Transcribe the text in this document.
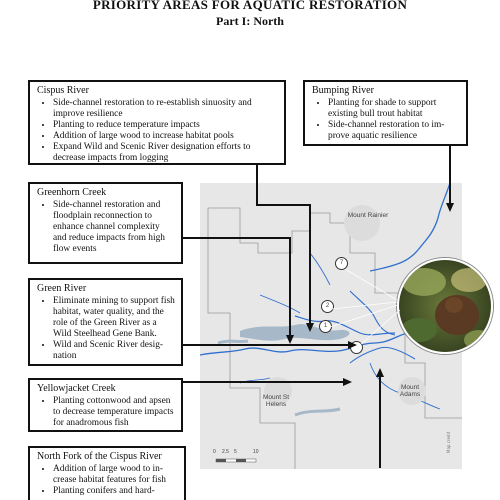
PRIORITY AREAS FOR AQUATIC RESTORATION
Part I: North
Map credit
Mount Rainier
Mount St
Helens
Mount
Adams
0 2.5 5	10
7
2
1
Cispus River
• Side-channel restoration to re-establish sinuosity and improve resilience
• Planting to reduce temperature impacts
• Addition of large wood to increase habitat pools
• Expand Wild and Scenic River designation efforts to decrease impacts from logging
Bumping River
• Planting for shade to support existing bull trout habitat
• Side-channel restoration to im-prove aquatic resilience
Greenhorn Creek
• Side-channel restoration and floodplain reconnection to enhance channel complexity and reduce impacts from high flow events
Green River
• Eliminate mining to support fish habitat, water quality, and the role of the Green River as a Wild Steelhead Gene Bank.
• Wild and Scenic River desig-nation
Yellowjacket Creek
• Planting cottonwood and apsen to decrease temperature impacts for anadromous fish
North Fork of the Cispus River
• Addition of large wood to in-crease habitat features for fish
• Planting conifers and hard-
